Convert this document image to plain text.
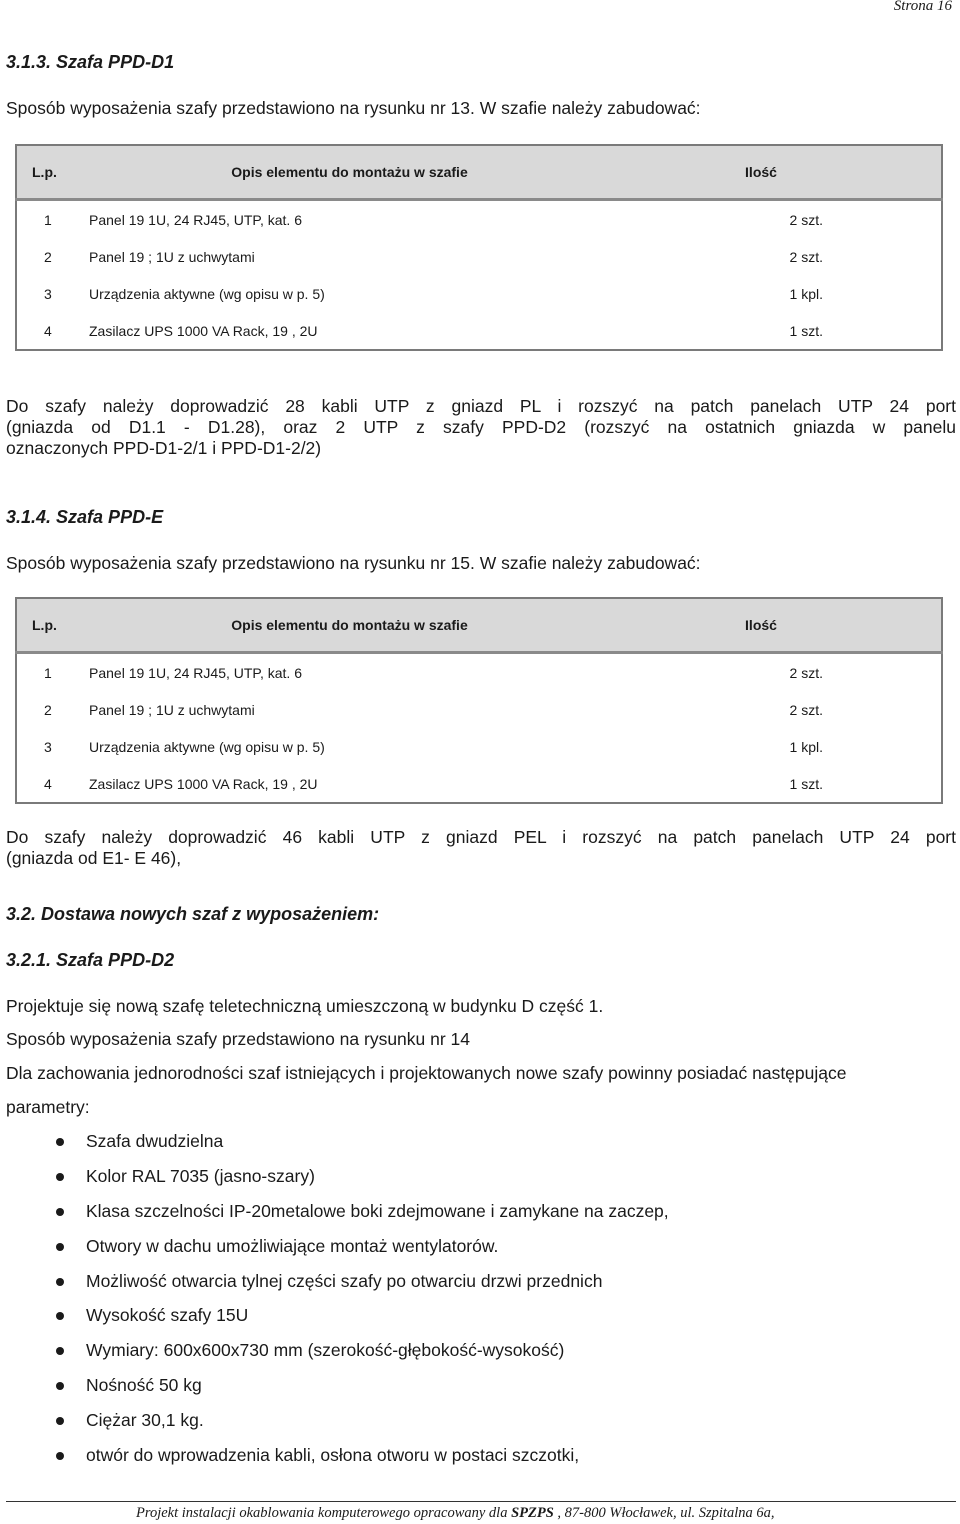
Strona 16
3.1.3. Szafa PPD-D1
Sposób wyposażenia szafy przedstawiono na rysunku nr 13. W szafie należy zabudować:
L.p.	Opis elementu do montażu w szafie	Ilość
1	Panel 19 1U, 24 RJ45, UTP, kat. 6	2 szt.
2	Panel 19 ; 1U z uchwytami	2 szt.
3	Urządzenia aktywne (wg opisu w p. 5)	1 kpl.
4	Zasilacz UPS 1000 VA Rack, 19 , 2U	1 szt.
Do szafy należy doprowadzić 28 kabli UTP z gniazd PL i rozszyć na patch panelach UTP 24 port
(gniazda od D1.1 - D1.28), oraz 2 UTP z szafy PPD-D2 (rozszyć na ostatnich gniazda w panelu
oznaczonych PPD-D1-2/1 i PPD-D1-2/2)
3.1.4. Szafa PPD-E
Sposób wyposażenia szafy przedstawiono na rysunku nr 15. W szafie należy zabudować:
L.p.	Opis elementu do montażu w szafie	Ilość
1	Panel 19 1U, 24 RJ45, UTP, kat. 6	2 szt.
2	Panel 19 ; 1U z uchwytami	2 szt.
3	Urządzenia aktywne (wg opisu w p. 5)	1 kpl.
4	Zasilacz UPS 1000 VA Rack, 19 , 2U	1 szt.
Do szafy należy doprowadzić 46 kabli UTP z gniazd PEL i rozszyć na patch panelach UTP 24 port
(gniazda od E1- E 46),
3.2. Dostawa nowych szaf z wyposażeniem:
3.2.1. Szafa PPD-D2
Projektuje się nową szafę teletechniczną umieszczoną w budynku D część 1.
Sposób wyposażenia szafy przedstawiono na rysunku nr 14
Dla zachowania jednorodności szaf istniejących i projektowanych nowe szafy powinny posiadać następujące
parametry:
Szafa dwudzielna
Kolor RAL 7035 (jasno-szary)
Klasa szczelności IP-20metalowe boki zdejmowane i zamykane na zaczep,
Otwory w dachu umożliwiające montaż wentylatorów.
Możliwość otwarcia tylnej części szafy po otwarciu drzwi przednich
Wysokość szafy 15U
Wymiary: 600x600x730 mm (szerokość-głębokość-wysokość)
Nośność 50 kg
Ciężar 30,1 kg.
otwór do wprowadzenia kabli, osłona otworu w postaci szczotki,
Projekt instalacji okablowania komputerowego opracowany dla SPZPS , 87-800 Włocławek, ul. Szpitalna 6a,
